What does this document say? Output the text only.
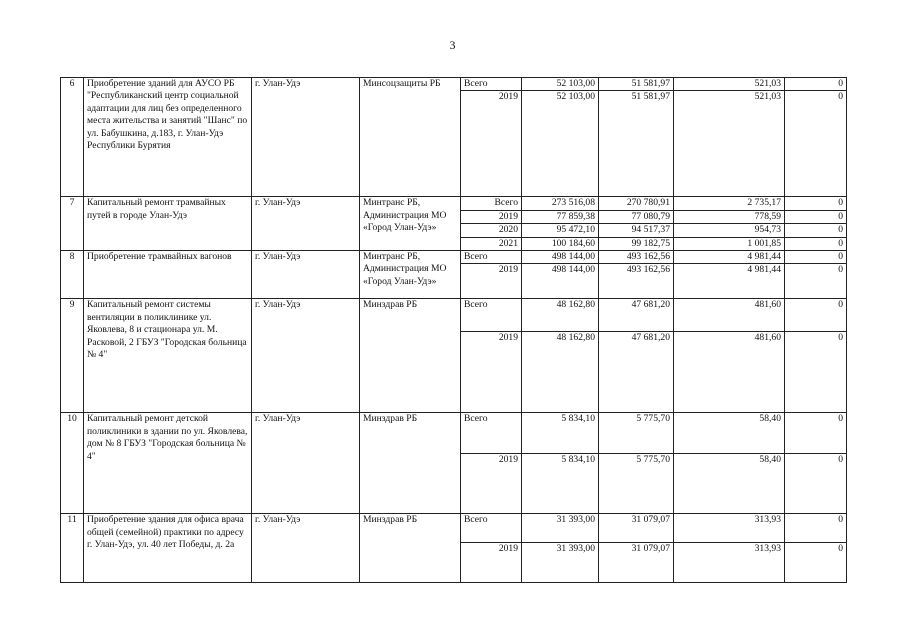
3
6	Приобретение зданий для АУСО РБ "Республиканский центр социальной адаптации для лиц без определенного места жительства и занятий "Шанс" по ул. Бабушкина, д.183, г. Улан-Удэ Республики Бурятия	г. Улан-Удэ	Минсоцзащиты РБ	Всего	52 103,00	51 581,97	521,03	0
				2019	52 103,00	51 581,97	521,03	0
7	Капитальный ремонт трамвайных путей в городе Улан-Удэ	г. Улан-Удэ	Минтранс РБ, Администрация МО «Город Улан-Удэ»	Всего	273 516,08	270 780,91	2 735,17	0
				2019	77 859,38	77 080,79	778,59	0
				2020	95 472,10	94 517,37	954,73	0
				2021	100 184,60	99 182,75	1 001,85	0
8	Приобретение трамвайных вагонов	г. Улан-Удэ	Минтранс РБ, Администрация МО «Город Улан-Удэ»	Всего	498 144,00	493 162,56	4 981,44	0
				2019	498 144,00	493 162,56	4 981,44	0
9	Капитальный ремонт системы вентиляции в поликлинике ул. Яковлева, 8 и стационара ул. М. Расковой, 2 ГБУЗ "Городская больница № 4"	г. Улан-Удэ	Минздрав РБ	Всего	48 162,80	47 681,20	481,60	0
				2019	48 162,80	47 681,20	481,60	0
10	Капитальный ремонт детской поликлиники в здании по ул. Яковлева, дом № 8 ГБУЗ "Городская больница № 4"	г. Улан-Удэ	Минздрав РБ	Всего	5 834,10	5 775,70	58,40	0
				2019	5 834,10	5 775,70	58,40	0
11	Приобретение здания для офиса врача общей (семейной) практики по адресу г. Улан-Удэ, ул. 40 лет Победы, д. 2а	г. Улан-Удэ	Минздрав РБ	Всего	31 393,00	31 079,07	313,93	0
				2019	31 393,00	31 079,07	313,93	0
